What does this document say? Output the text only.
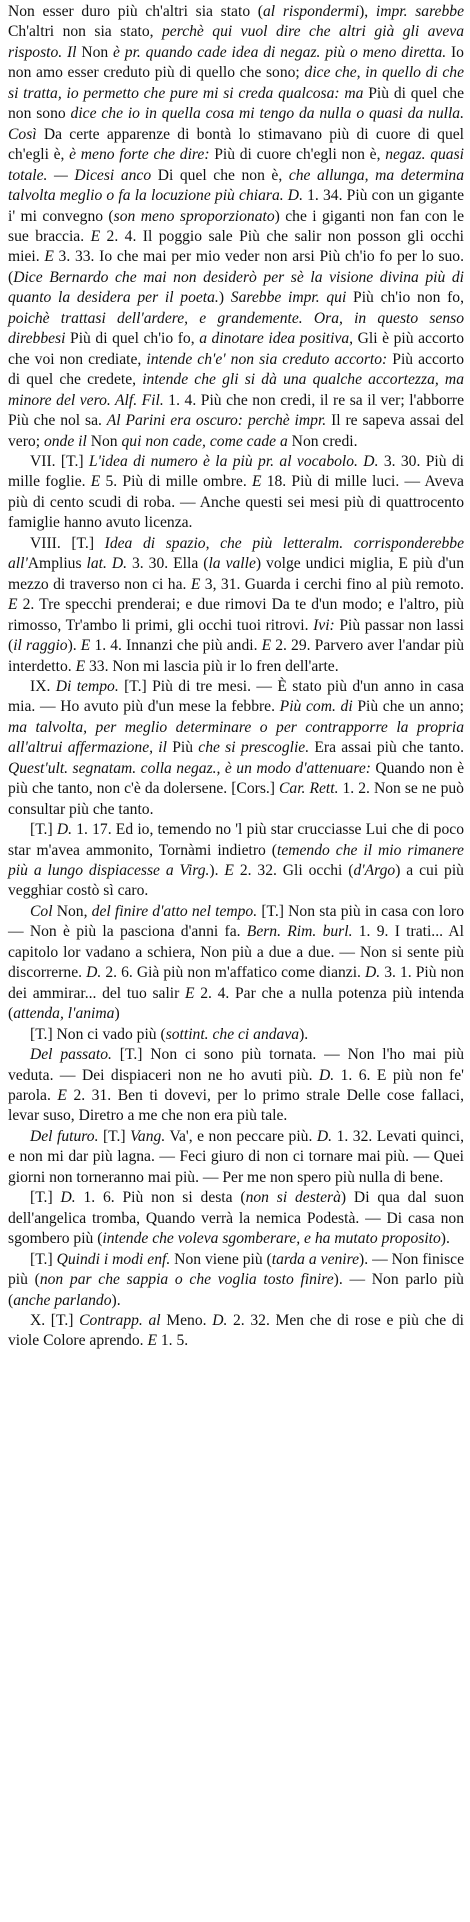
Non esser duro più ch'altri sia stato (al rispondermi), impr. sarebbe Ch'altri non sia stato, perchè qui vuol dire che altri già gli aveva risposto. Il Non è pr. quando cade idea di negaz. più o meno diretta. Io non amo esser creduto più di quello che sono; dice che, in quello di che si tratta, io permetto che pure mi si creda qualcosa: ma Più di quel che non sono dice che io in quella cosa mi tengo da nulla o quasi da nulla. Così Da certe apparenze di bontà lo stimavano più di cuore di quel ch'egli è, è meno forte che dire: Più di cuore ch'egli non è, negaz. quasi totale. — Dicesi anco Di quel che non è, che allunga, ma determina talvolta meglio o fa la locuzione più chiara. D. 1. 34. Più con un gigante i' mi convegno (son meno sproporzionato) che i giganti non fan con le sue braccia. E 2. 4. Il poggio sale Più che salir non posson gli occhi miei. E 3. 33. Io che mai per mio veder non arsi Più ch'io fo per lo suo. (Dice Bernardo che mai non desiderò per sè la visione divina più di quanto la desidera per il poeta.) Sarebbe impr. qui Più ch'io non fo, poichè trattasi dell'ardere, e grandemente. Ora, in questo senso direbbesi Più di quel ch'io fo, a dinotare idea positiva, Gli è più accorto che voi non crediate, intende ch'e' non sia creduto accorto: Più accorto di quel che credete, intende che gli si dà una qualche accortezza, ma minore del vero. Alf. Fil. 1. 4. Più che non credi, il re sa il ver; l'abborre Più che nol sa. Al Parini era oscuro: perchè impr. Il re sapeva assai del vero; onde il Non qui non cade, come cade a Non credi.

VII. [T.] L'idea di numero è la più pr. al vocabolo. D. 3. 30. Più di mille foglie. E 5. Più di mille ombre. E 18. Più di mille luci. — Aveva più di cento scudi di roba. — Anche questi sei mesi più di quattrocento famiglie hanno avuto licenza.

VIII. [T.] Idea di spazio, che più letteralm. corrisponderebbe all'Amplius lat. D. 3. 30. Ella (la valle) volge undici miglia, E più d'un mezzo di traverso non ci ha. E 3, 31. Guarda i cerchi fino al più remoto. E 2. Tre specchi prenderai; e due rimovi Da te d'un modo; e l'altro, più rimosso, Tr'ambo li primi, gli occhi tuoi ritrovi. Ivi: Più passar non lassi (il raggio). E 1. 4. Innanzi che più andi. E 2. 29. Parvero aver l'andar più interdetto. E 33. Non mi lascia più ir lo fren dell'arte.

IX. Di tempo. [T.] Più di tre mesi. — È stato più d'un anno in casa mia. — Ho avuto più d'un mese la febbre. Più com. di Più che un anno; ma talvolta, per meglio determinare o per contrapporre la propria all'altrui affermazione, il Più che si prescoglie. Era assai più che tanto. Quest'ult. segnatam. colla negaz., è un modo d'attenuare: Quando non è più che tanto, non c'è da dolersene. [Cors.] Car. Rett. 1. 2. Non se ne può consultar più che tanto.

[T.] D. 1. 17. Ed io, temendo no 'l più star crucciasse Lui che di poco star m'avea ammonito, Tornàmi indietro (temendo che il mio rimanere più a lungo dispiacesse a Virg.). E 2. 32. Gli occhi (d'Argo) a cui più vegghiar costò sì caro.

Col Non, del finire d'atto nel tempo. [T.] Non sta più in casa con loro — Non è più la pasciona d'anni fa. Bern. Rim. burl. 1. 9. I trati... Al capitolo lor vadano a schiera, Non più a due a due. — Non si sente più discorrerne. D. 2. 6. Già più non m'affatico come dianzi. D. 3. 1. Più non dei ammirar... del tuo salir E 2. 4. Par che a nulla potenza più intenda (attenda, l'anima)

[T.] Non ci vado più (sottint. che ci andava).

Del passato. [T.] Non ci sono più tornata. — Non l'ho mai più veduta. — Dei dispiaceri non ne ho avuti più. D. 1. 6. E più non fe' parola. E 2. 31. Ben ti dovevi, per lo primo strale Delle cose fallaci, levar suso, Diretro a me che non era più tale.

Del futuro. [T.] Vang. Va', e non peccare più. D. 1. 32. Levati quinci, e non mi dar più lagna. — Feci giuro di non ci tornare mai più. — Quei giorni non torneranno mai più. — Per me non spero più nulla di bene.

[T.] D. 1. 6. Più non si desta (non si desterà) Di qua dal suon dell'angelica tromba, Quando verrà la nemica Podestà. — Di casa non sgombero più (intende che voleva sgomberare, e ha mutato proposito).

[T.] Quindi i modi enf. Non viene più (tarda a venire). — Non finisce più (non par che sappia o che voglia tosto finire). — Non parlo più (anche parlando).

X. [T.] Contrapp. al Meno. D. 2. 32. Men che di rose e più che di viole Colore aprendo. E 1. 5.
